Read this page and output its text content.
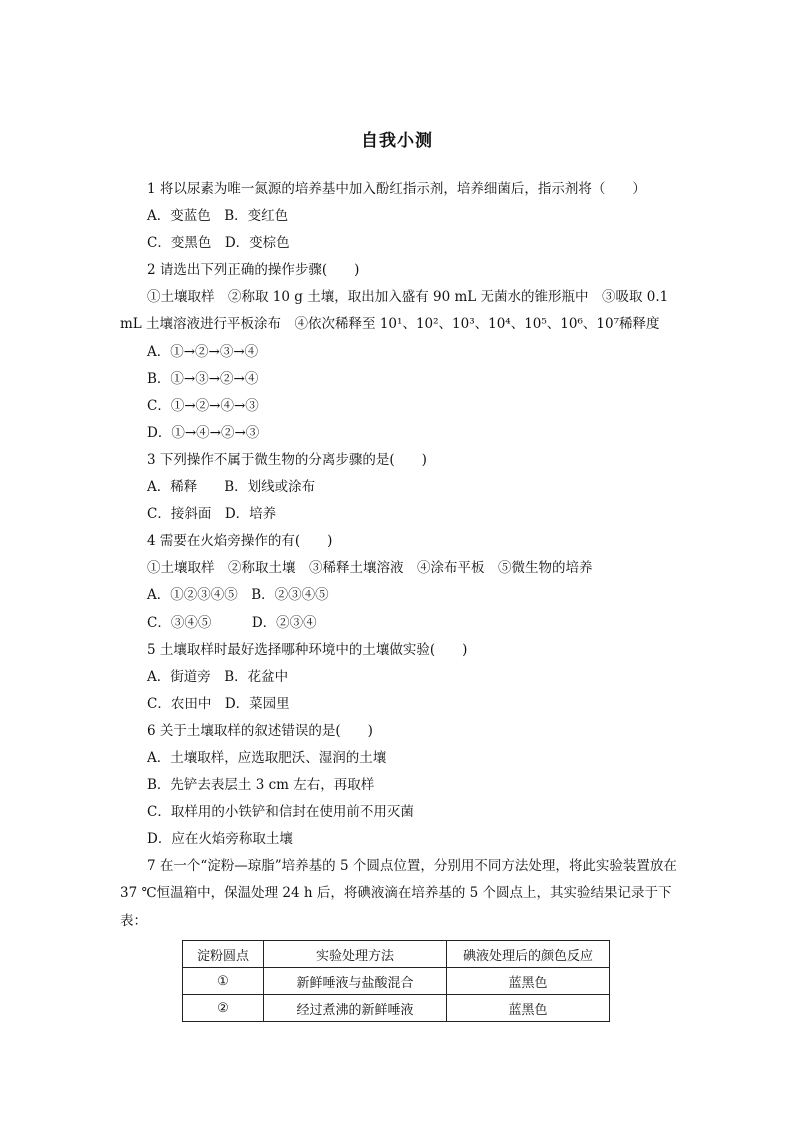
自我小测
1 将以尿素为唯一氮源的培养基中加入酚红指示剂，培养细菌后，指示剂将（　　）
A．变蓝色　B．变红色
C．变黑色　D．变棕色
2 请选出下列正确的操作步骤(　　)
①土壤取样　②称取 10 g 土壤，取出加入盛有 90 mL 无菌水的锥形瓶中　③吸取 0.1
mL 土壤溶液进行平板涂布　④依次稀释至 10¹、10²、10³、10⁴、10⁵、10⁶、10⁷稀释度
A．①→②→③→④
B．①→③→②→④
C．①→②→④→③
D．①→④→②→③
3 下列操作不属于微生物的分离步骤的是(　　)
A．稀释　　B．划线或涂布
C．接斜面　D．培养
4 需要在火焰旁操作的有(　　)
①土壤取样　②称取土壤　③稀释土壤溶液　④涂布平板　⑤微生物的培养
A．①②③④⑤　B．②③④⑤
C．③④⑤　　　D．②③④
5 土壤取样时最好选择哪种环境中的土壤做实验(　　)
A．街道旁　B．花盆中
C．农田中　D．菜园里
6 关于土壤取样的叙述错误的是(　　)
A．土壤取样，应选取肥沃、湿润的土壤
B．先铲去表层土 3 cm 左右，再取样
C．取样用的小铁铲和信封在使用前不用灭菌
D．应在火焰旁称取土壤
7 在一个“淀粉—琼脂”培养基的 5 个圆点位置，分别用不同方法处理，将此实验装置放在 37 ℃恒温箱中，保温处理 24 h 后，将碘液滴在培养基的 5 个圆点上，其实验结果记录于下表：
淀粉圆点	实验处理方法	碘液处理后的颜色反应
①	新鲜唾液与盐酸混合	蓝黑色
②	经过煮沸的新鲜唾液	蓝黑色
